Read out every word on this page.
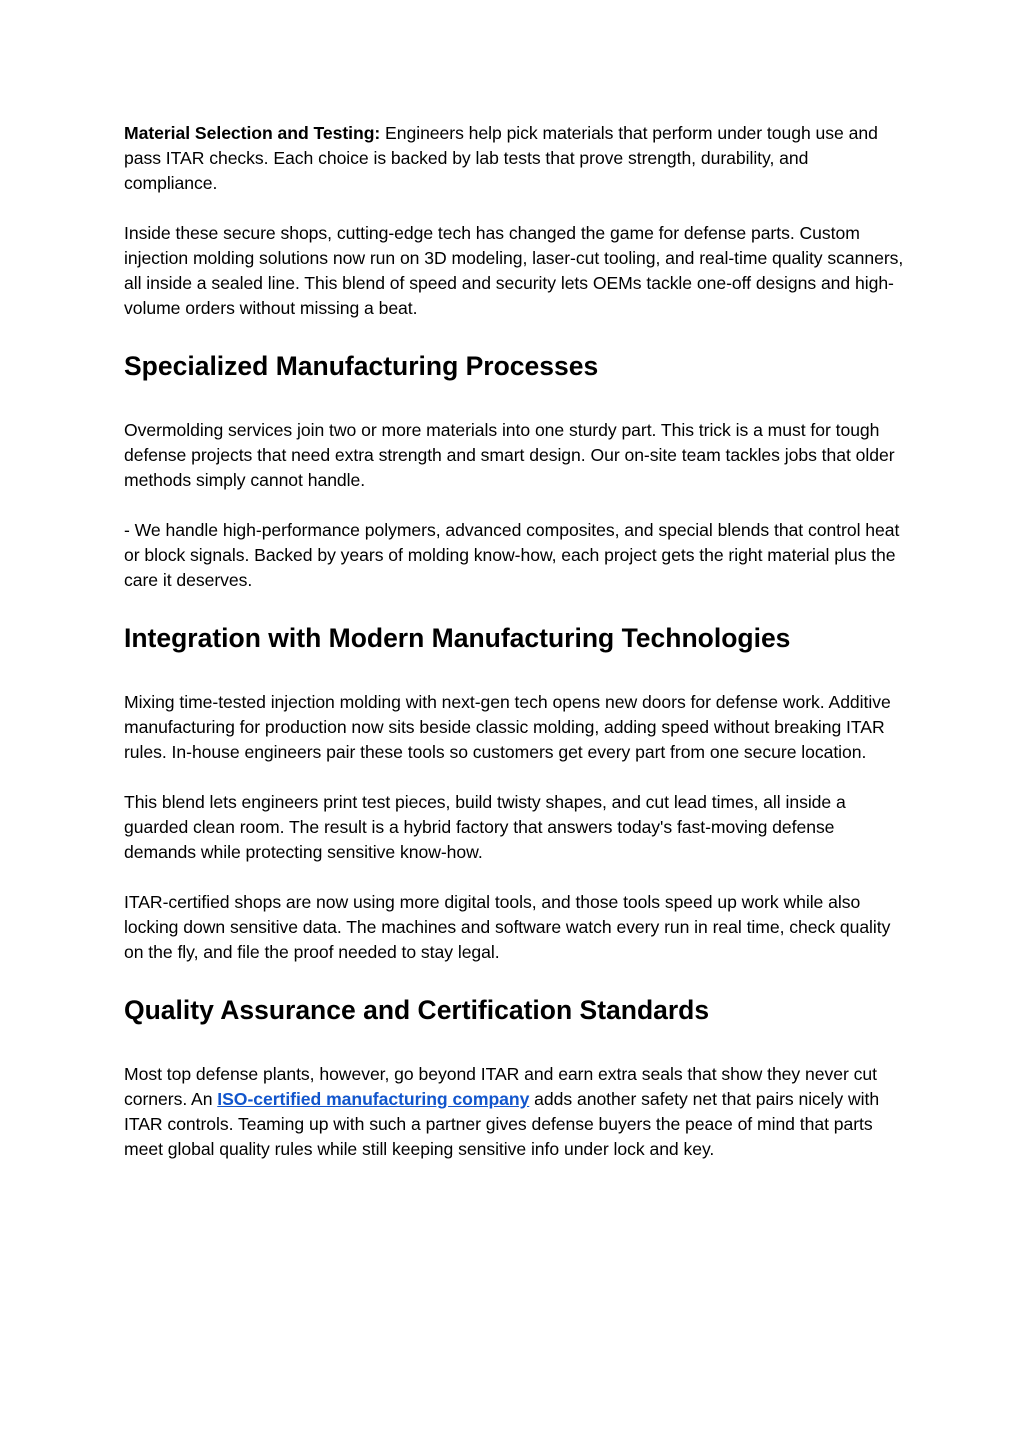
Material Selection and Testing: Engineers help pick materials that perform under tough use and pass ITAR checks. Each choice is backed by lab tests that prove strength, durability, and compliance.

Inside these secure shops, cutting-edge tech has changed the game for defense parts. Custom injection molding solutions now run on 3D modeling, laser-cut tooling, and real-time quality scanners, all inside a sealed line. This blend of speed and security lets OEMs tackle one-off designs and high-volume orders without missing a beat.

Specialized Manufacturing Processes

Overmolding services join two or more materials into one sturdy part. This trick is a must for tough defense projects that need extra strength and smart design. Our on-site team tackles jobs that older methods simply cannot handle.

- We handle high-performance polymers, advanced composites, and special blends that control heat or block signals. Backed by years of molding know-how, each project gets the right material plus the care it deserves.

Integration with Modern Manufacturing Technologies

Mixing time-tested injection molding with next-gen tech opens new doors for defense work. Additive manufacturing for production now sits beside classic molding, adding speed without breaking ITAR rules. In-house engineers pair these tools so customers get every part from one secure location.

This blend lets engineers print test pieces, build twisty shapes, and cut lead times, all inside a guarded clean room. The result is a hybrid factory that answers today's fast-moving defense demands while protecting sensitive know-how.

ITAR-certified shops are now using more digital tools, and those tools speed up work while also locking down sensitive data. The machines and software watch every run in real time, check quality on the fly, and file the proof needed to stay legal.

Quality Assurance and Certification Standards

Most top defense plants, however, go beyond ITAR and earn extra seals that show they never cut corners. An ISO-certified manufacturing company adds another safety net that pairs nicely with ITAR controls. Teaming up with such a partner gives defense buyers the peace of mind that parts meet global quality rules while still keeping sensitive info under lock and key.
